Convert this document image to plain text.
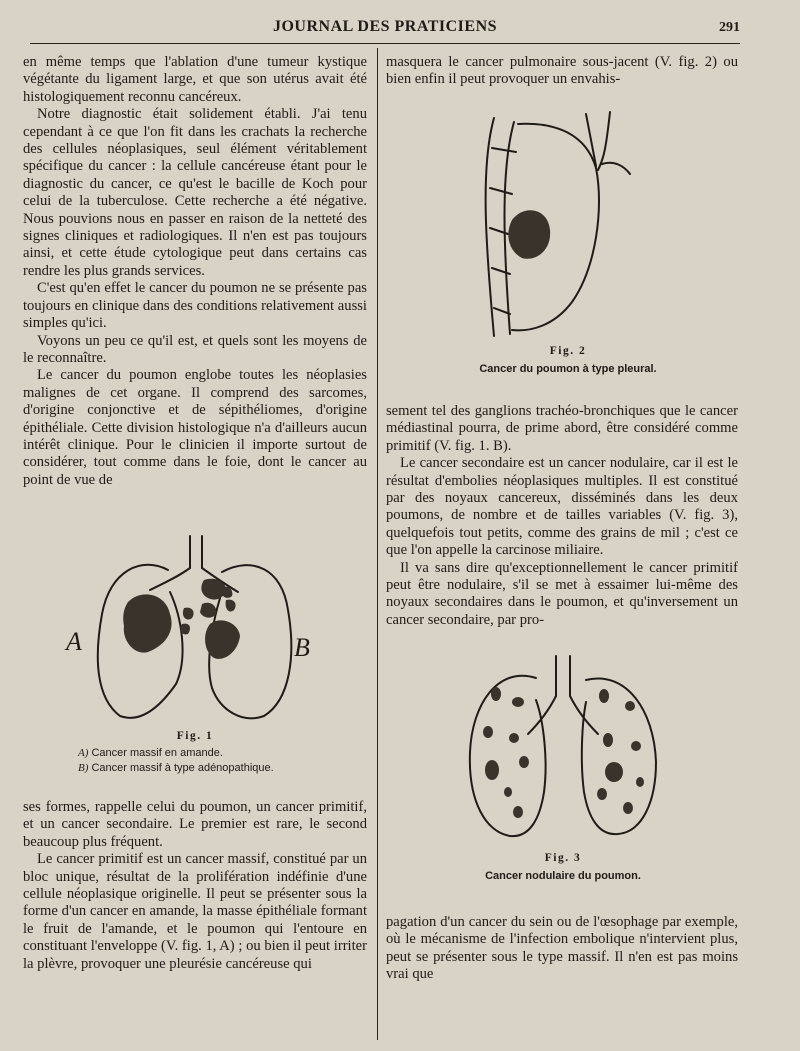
JOURNAL DES PRATICIENS	291

en même temps que l'ablation d'une tumeur kystique végétante du ligament large, et que son utérus avait été histologiquement reconnu cancéreux.

Notre diagnostic était solidement établi. J'ai tenu cependant à ce que l'on fit dans les crachats la recherche des cellules néoplasiques, seul élément véritablement spécifique du cancer : la cellule cancéreuse étant pour le diagnostic du cancer, ce qu'est le bacille de Koch pour celui de la tuberculose. Cette recherche a été négative. Nous pouvions nous en passer en raison de la netteté des signes cliniques et radiologiques. Il n'en est pas toujours ainsi, et cette étude cytologique peut dans certains cas rendre les plus grands services.

C'est qu'en effet le cancer du poumon ne se présente pas toujours en clinique dans des conditions relativement aussi simples qu'ici.

Voyons un peu ce qu'il est, et quels sont les moyens de le reconnaître.

Le cancer du poumon englobe toutes les néoplasies malignes de cet organe. Il comprend des sarcomes, d'origine conjonctive et de sépithéliomes, d'origine épithéliale. Cette division histologique n'a d'ailleurs aucun intérêt clinique. Pour le clinicien il importe surtout de considérer, tout comme dans le foie, dont le cancer au point de vue de

A	B
Fig. 1
A) Cancer massif en amande.
B) Cancer massif à type adénopathique.

ses formes, rappelle celui du poumon, un cancer primitif, et un cancer secondaire. Le premier est rare, le second beaucoup plus fréquent.

Le cancer primitif est un cancer massif, constitué par un bloc unique, résultat de la prolifération indéfinie d'une cellule néoplasique originelle. Il peut se présenter sous la forme d'un cancer en amande, la masse épithéliale formant le fruit de l'amande, et le poumon qui l'entoure en constituant l'enveloppe (V. fig. 1, A) ; ou bien il peut irriter la plèvre, provoquer une pleurésie cancéreuse qui

masquera le cancer pulmonaire sous-jacent (V. fig. 2) ou bien enfin il peut provoquer un envahis-

Fig. 2
Cancer du poumon à type pleural.

sement tel des ganglions trachéo-bronchiques que le cancer médiastinal pourra, de prime abord, être considéré comme primitif (V. fig. 1. B).

Le cancer secondaire est un cancer nodulaire, car il est le résultat d'embolies néoplasiques multiples. Il est constitué par des noyaux cancereux, disséminés dans les deux poumons, de nombre et de tailles variables (V. fig. 3), quelquefois tout petits, comme des grains de mil ; c'est ce que l'on appelle la carcinose miliaire.

Il va sans dire qu'exceptionnellement le cancer primitif peut être nodulaire, s'il se met à essaimer lui-même des noyaux secondaires dans le poumon, et qu'inversement un cancer secondaire, par pro-

Fig. 3
Cancer nodulaire du poumon.

pagation d'un cancer du sein ou de l'œsophage par exemple, où le mécanisme de l'infection embolique n'intervient plus, peut se présenter sous le type massif. Il n'en est pas moins vrai que
